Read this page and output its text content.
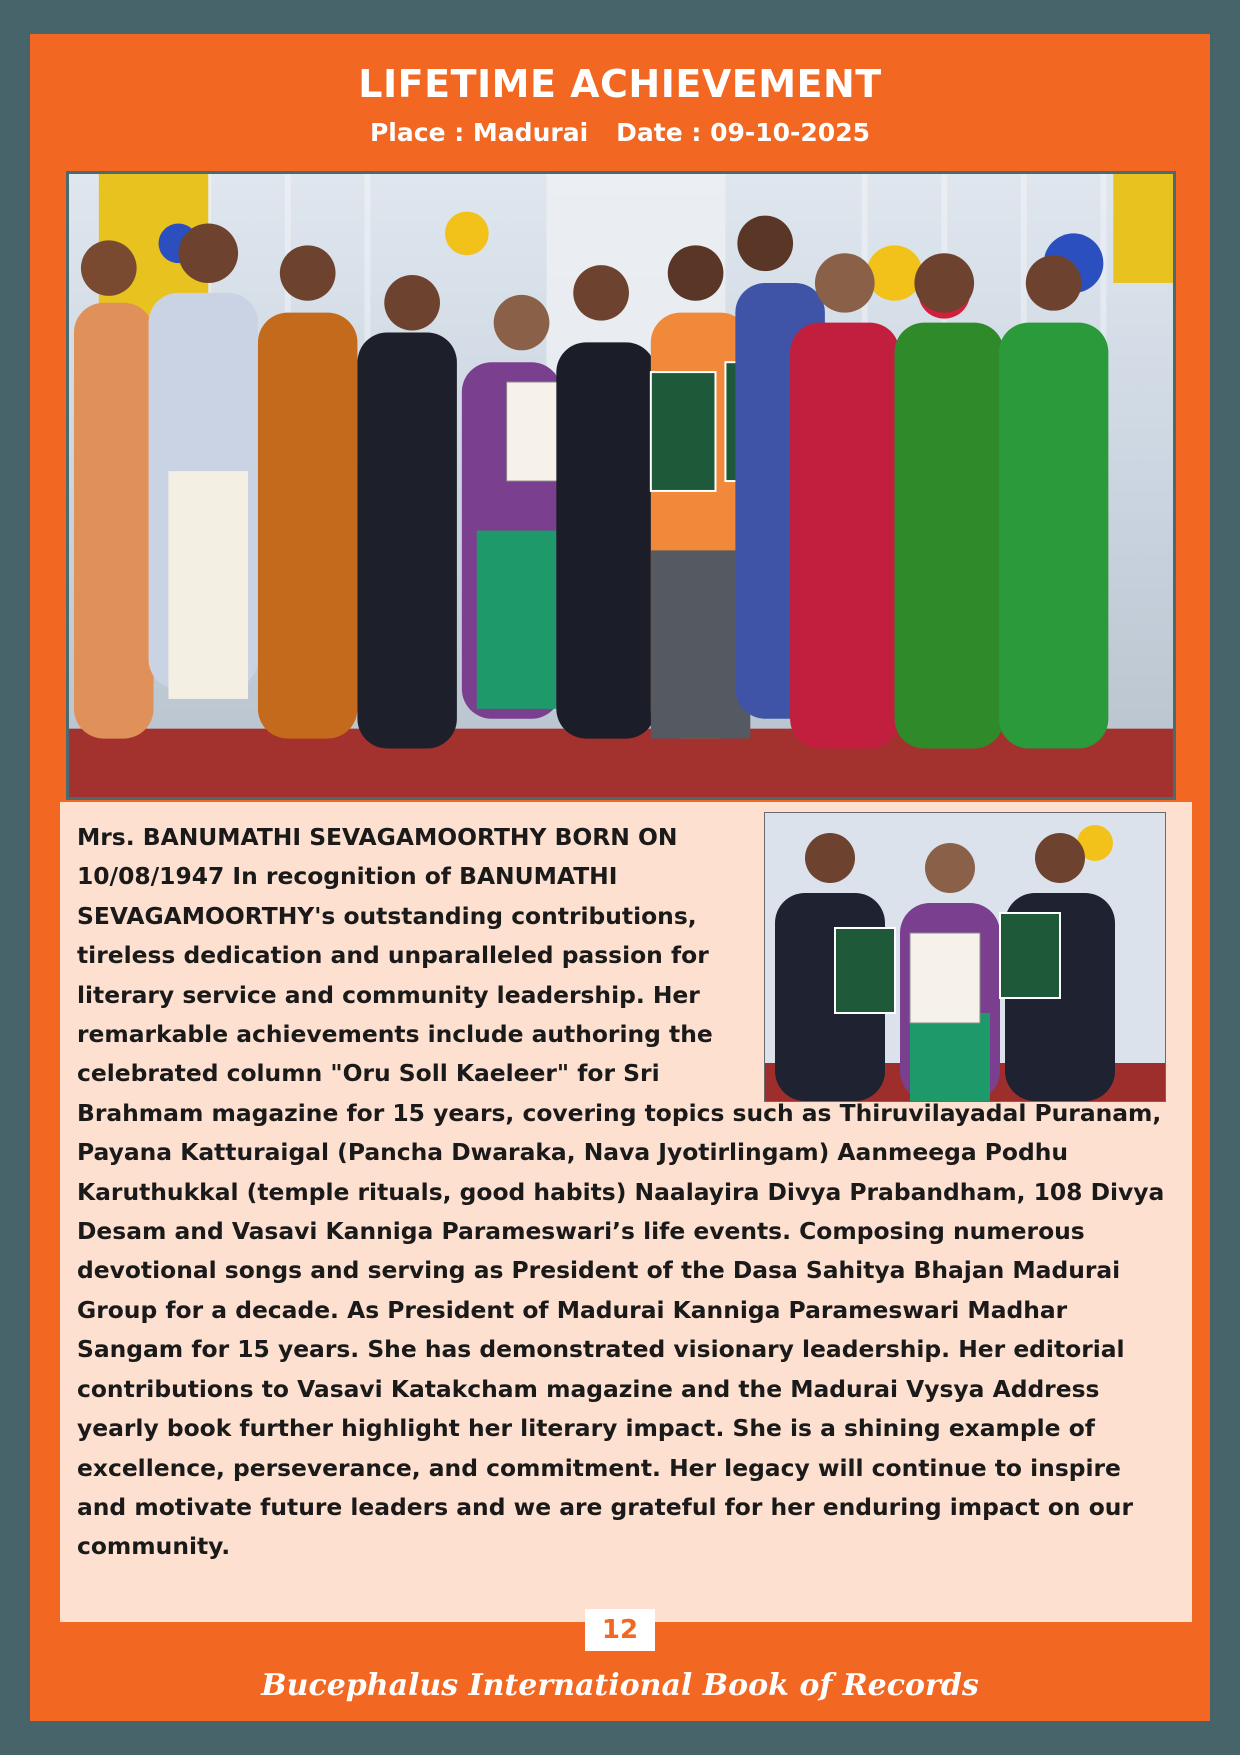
LIFETIME ACHIEVEMENT
Place : Madurai Date : 09-10-2025

Mrs. BANUMATHI SEVAGAMOORTHY BORN ON 10/08/1947 In recognition of BANUMATHI SEVAGAMOORTHY's outstanding contributions, tireless dedication and unparalleled passion for literary service and community leadership. Her remarkable achievements include authoring the celebrated column "Oru Soll Kaeleer" for Sri Brahmam magazine for 15 years, covering topics such as Thiruvilayadal Puranam, Payana Katturaigal (Pancha Dwaraka, Nava Jyotirlingam) Aanmeega Podhu Karuthukkal (temple rituals, good habits) Naalayira Divya Prabandham, 108 Divya Desam and Vasavi Kanniga Parameswari’s life events. Composing numerous devotional songs and serving as President of the Dasa Sahitya Bhajan Madurai Group for a decade. As President of Madurai Kanniga Parameswari Madhar Sangam for 15 years. She has demonstrated visionary leadership. Her editorial contributions to Vasavi Katakcham magazine and the Madurai Vysya Address yearly book further highlight her literary impact. She is a shining example of excellence, perseverance, and commitment. Her legacy will continue to inspire and motivate future leaders and we are grateful for her enduring impact on our community.

12
Bucephalus International Book of Records
